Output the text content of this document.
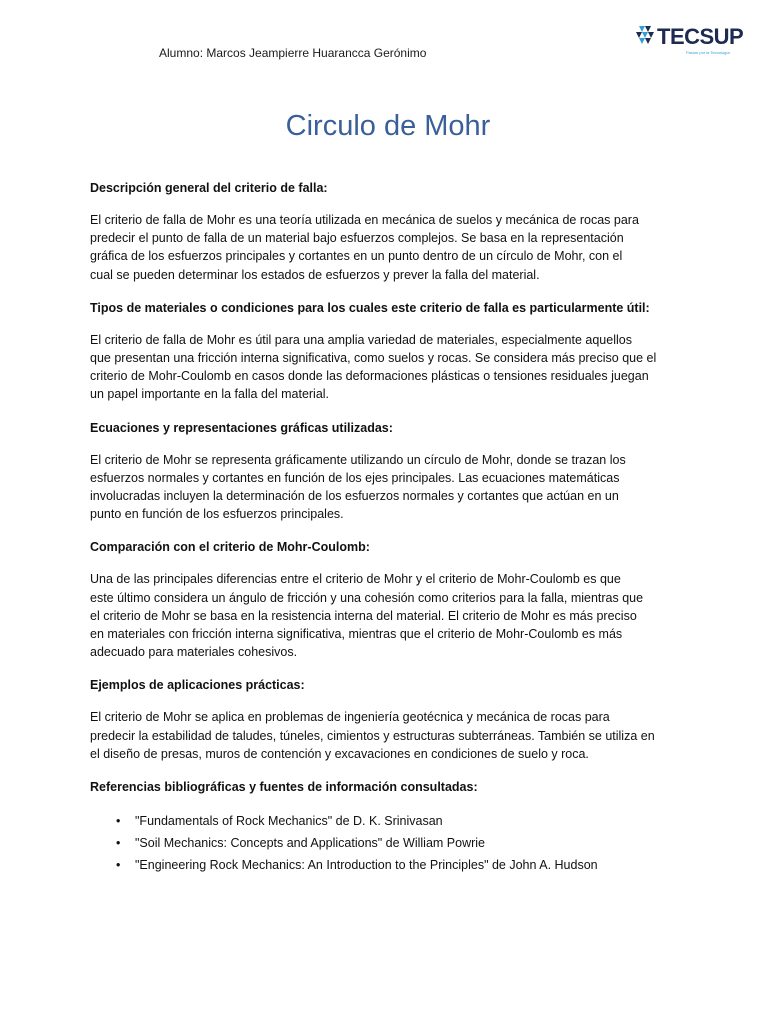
Alumno: Marcos Jeampierre Huarancca Gerónimo
TECSUP
Pasión por la Tecnología
Circulo de Mohr
Descripción general del criterio de falla:
El criterio de falla de Mohr es una teoría utilizada en mecánica de suelos y mecánica de rocas para
predecir el punto de falla de un material bajo esfuerzos complejos. Se basa en la representación
gráfica de los esfuerzos principales y cortantes en un punto dentro de un círculo de Mohr, con el
cual se pueden determinar los estados de esfuerzos y prever la falla del material.
Tipos de materiales o condiciones para los cuales este criterio de falla es particularmente útil:
El criterio de falla de Mohr es útil para una amplia variedad de materiales, especialmente aquellos
que presentan una fricción interna significativa, como suelos y rocas. Se considera más preciso que el
criterio de Mohr-Coulomb en casos donde las deformaciones plásticas o tensiones residuales juegan
un papel importante en la falla del material.
Ecuaciones y representaciones gráficas utilizadas:
El criterio de Mohr se representa gráficamente utilizando un círculo de Mohr, donde se trazan los
esfuerzos normales y cortantes en función de los ejes principales. Las ecuaciones matemáticas
involucradas incluyen la determinación de los esfuerzos normales y cortantes que actúan en un
punto en función de los esfuerzos principales.
Comparación con el criterio de Mohr-Coulomb:
Una de las principales diferencias entre el criterio de Mohr y el criterio de Mohr-Coulomb es que
este último considera un ángulo de fricción y una cohesión como criterios para la falla, mientras que
el criterio de Mohr se basa en la resistencia interna del material. El criterio de Mohr es más preciso
en materiales con fricción interna significativa, mientras que el criterio de Mohr-Coulomb es más
adecuado para materiales cohesivos.
Ejemplos de aplicaciones prácticas:
El criterio de Mohr se aplica en problemas de ingeniería geotécnica y mecánica de rocas para
predecir la estabilidad de taludes, túneles, cimientos y estructuras subterráneas. También se utiliza en
el diseño de presas, muros de contención y excavaciones en condiciones de suelo y roca.
Referencias bibliográficas y fuentes de información consultadas:
• "Fundamentals of Rock Mechanics" de D. K. Srinivasan
• "Soil Mechanics: Concepts and Applications" de William Powrie
• "Engineering Rock Mechanics: An Introduction to the Principles" de John A. Hudson
